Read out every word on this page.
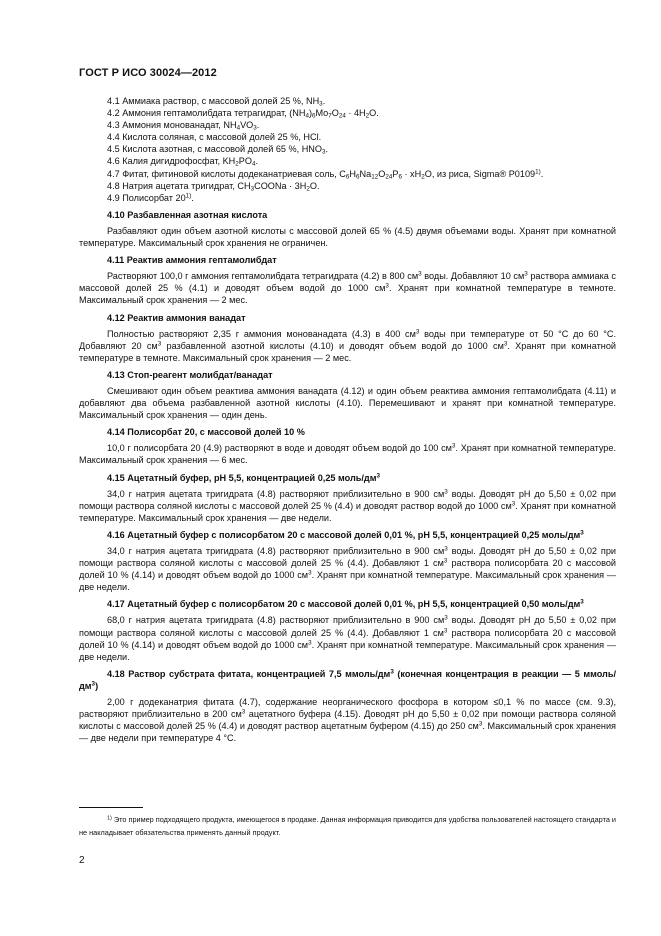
ГОСТ Р ИСО 30024—2012
4.1 Аммиака раствор, с массовой долей 25 %, $NH_3$.
4.2 Аммония гептамолибдата тетрагидрат, $(NH_4)_6Mo_7O_{24} \cdot 4H_2O$.
4.3 Аммония монованадат, $NH_4VO_3$.
4.4 Кислота соляная, с массовой долей 25 %, HCl.
4.5 Кислота азотная, с массовой долей 65 %, $HNO_3$.
4.6 Калия дигидрофосфат, $KH_2PO_4$.
4.7 Фитат, фитиновой кислоты додеканатриевая соль, $C_6H_6Na_{12}O_{24}P_6 \cdot xH_2O$, из риса, Sigma® P0109$^{1)}$.
4.8 Натрия ацетата тригидрат, $CH_3COONa \cdot 3H_2O$.
4.9 Полисорбат 20$^{1)}$.
4.10 Разбавленная азотная кислота
Разбавляют один объем азотной кислоты с массовой долей 65 % (4.5) двумя объемами воды. Хранят при комнатной температуре. Максимальный срок хранения не ограничен.
4.11 Реактив аммония гептамолибдат
Растворяют 100,0 г аммония гептамолибдата тетрагидрата (4.2) в 800 $см^3$ воды. Добавляют 10 $см^3$ раствора аммиака с массовой долей 25 % (4.1) и доводят объем водой до 1000 $см^3$. Хранят при комнатной температуре в темноте. Максимальный срок хранения — 2 мес.
4.12 Реактив аммония ванадат
Полностью растворяют 2,35 г аммония монованадата (4.3) в 400 $см^3$ воды при температуре от 50 °C до 60 °C. Добавляют 20 $см^3$ разбавленной азотной кислоты (4.10) и доводят объем водой до 1000 $см^3$. Хранят при комнатной температуре в темноте. Максимальный срок хранения — 2 мес.
4.13 Стоп-реагент молибдат/ванадат
Смешивают один объем реактива аммония ванадата (4.12) и один объем реактива аммония гептамолибдата (4.11) и добавляют два объема разбавленной азотной кислоты (4.10). Перемешивают и хранят при комнатной температуре. Максимальный срок хранения — один день.
4.14 Полисорбат 20, с массовой долей 10 %
10,0 г полисорбата 20 (4.9) растворяют в воде и доводят объем водой до 100 $см^3$. Хранят при комнатной температуре. Максимальный срок хранения — 6 мес.
4.15 Ацетатный буфер, pH 5,5, концентрацией 0,25 моль/$дм^3$
34,0 г натрия ацетата тригидрата (4.8) растворяют приблизительно в 900 $см^3$ воды. Доводят pH до 5,50 ± 0,02 при помощи раствора соляной кислоты с массовой долей 25 % (4.4) и доводят раствор водой до 1000 $см^3$. Хранят при комнатной температуре. Максимальный срок хранения — две недели.
4.16 Ацетатный буфер с полисорбатом 20 с массовой долей 0,01 %, pH 5,5, концентрацией 0,25 моль/$дм^3$
34,0 г натрия ацетата тригидрата (4.8) растворяют приблизительно в 900 $см^3$ воды. Доводят pH до 5,50 ± 0,02 при помощи раствора соляной кислоты с массовой долей 25 % (4.4). Добавляют 1 $см^3$ раствора полисорбата 20 с массовой долей 10 % (4.14) и доводят объем водой до 1000 $см^3$. Хранят при комнатной температуре. Максимальный срок хранения — две недели.
4.17 Ацетатный буфер с полисорбатом 20 с массовой долей 0,01 %, pH 5,5, концентрацией 0,50 моль/$дм^3$
68,0 г натрия ацетата тригидрата (4.8) растворяют приблизительно в 900 $см^3$ воды. Доводят pH до 5,50 ± 0,02 при помощи раствора соляной кислоты с массовой долей 25 % (4.4). Добавляют 1 $см^3$ раствора полисорбата 20 с массовой долей 10 % (4.14) и доводят объем водой до 1000 $см^3$. Хранят при комнатной температуре. Максимальный срок хранения — две недели.
4.18 Раствор субстрата фитата, концентрацией 7,5 ммоль/$дм^3$ (конечная концентрация в реакции — 5 ммоль/$дм^3$)
2,00 г додеканатрия фитата (4.7), содержание неорганического фосфора в котором ≤0,1 % по массе (см. 9.3), растворяют приблизительно в 200 $см^3$ ацетатного буфера (4.15). Доводят pH до 5,50 ± 0,02 при помощи раствора соляной кислоты с массовой долей 25 % (4.4) и доводят раствор ацетатным буфером (4.15) до 250 $см^3$. Максимальный срок хранения — две недели при температуре 4 °C.
$^{1)}$ Это пример подходящего продукта, имеющегося в продаже. Данная информация приводится для удобства пользователей настоящего стандарта и не накладывает обязательства применять данный продукт.
2
